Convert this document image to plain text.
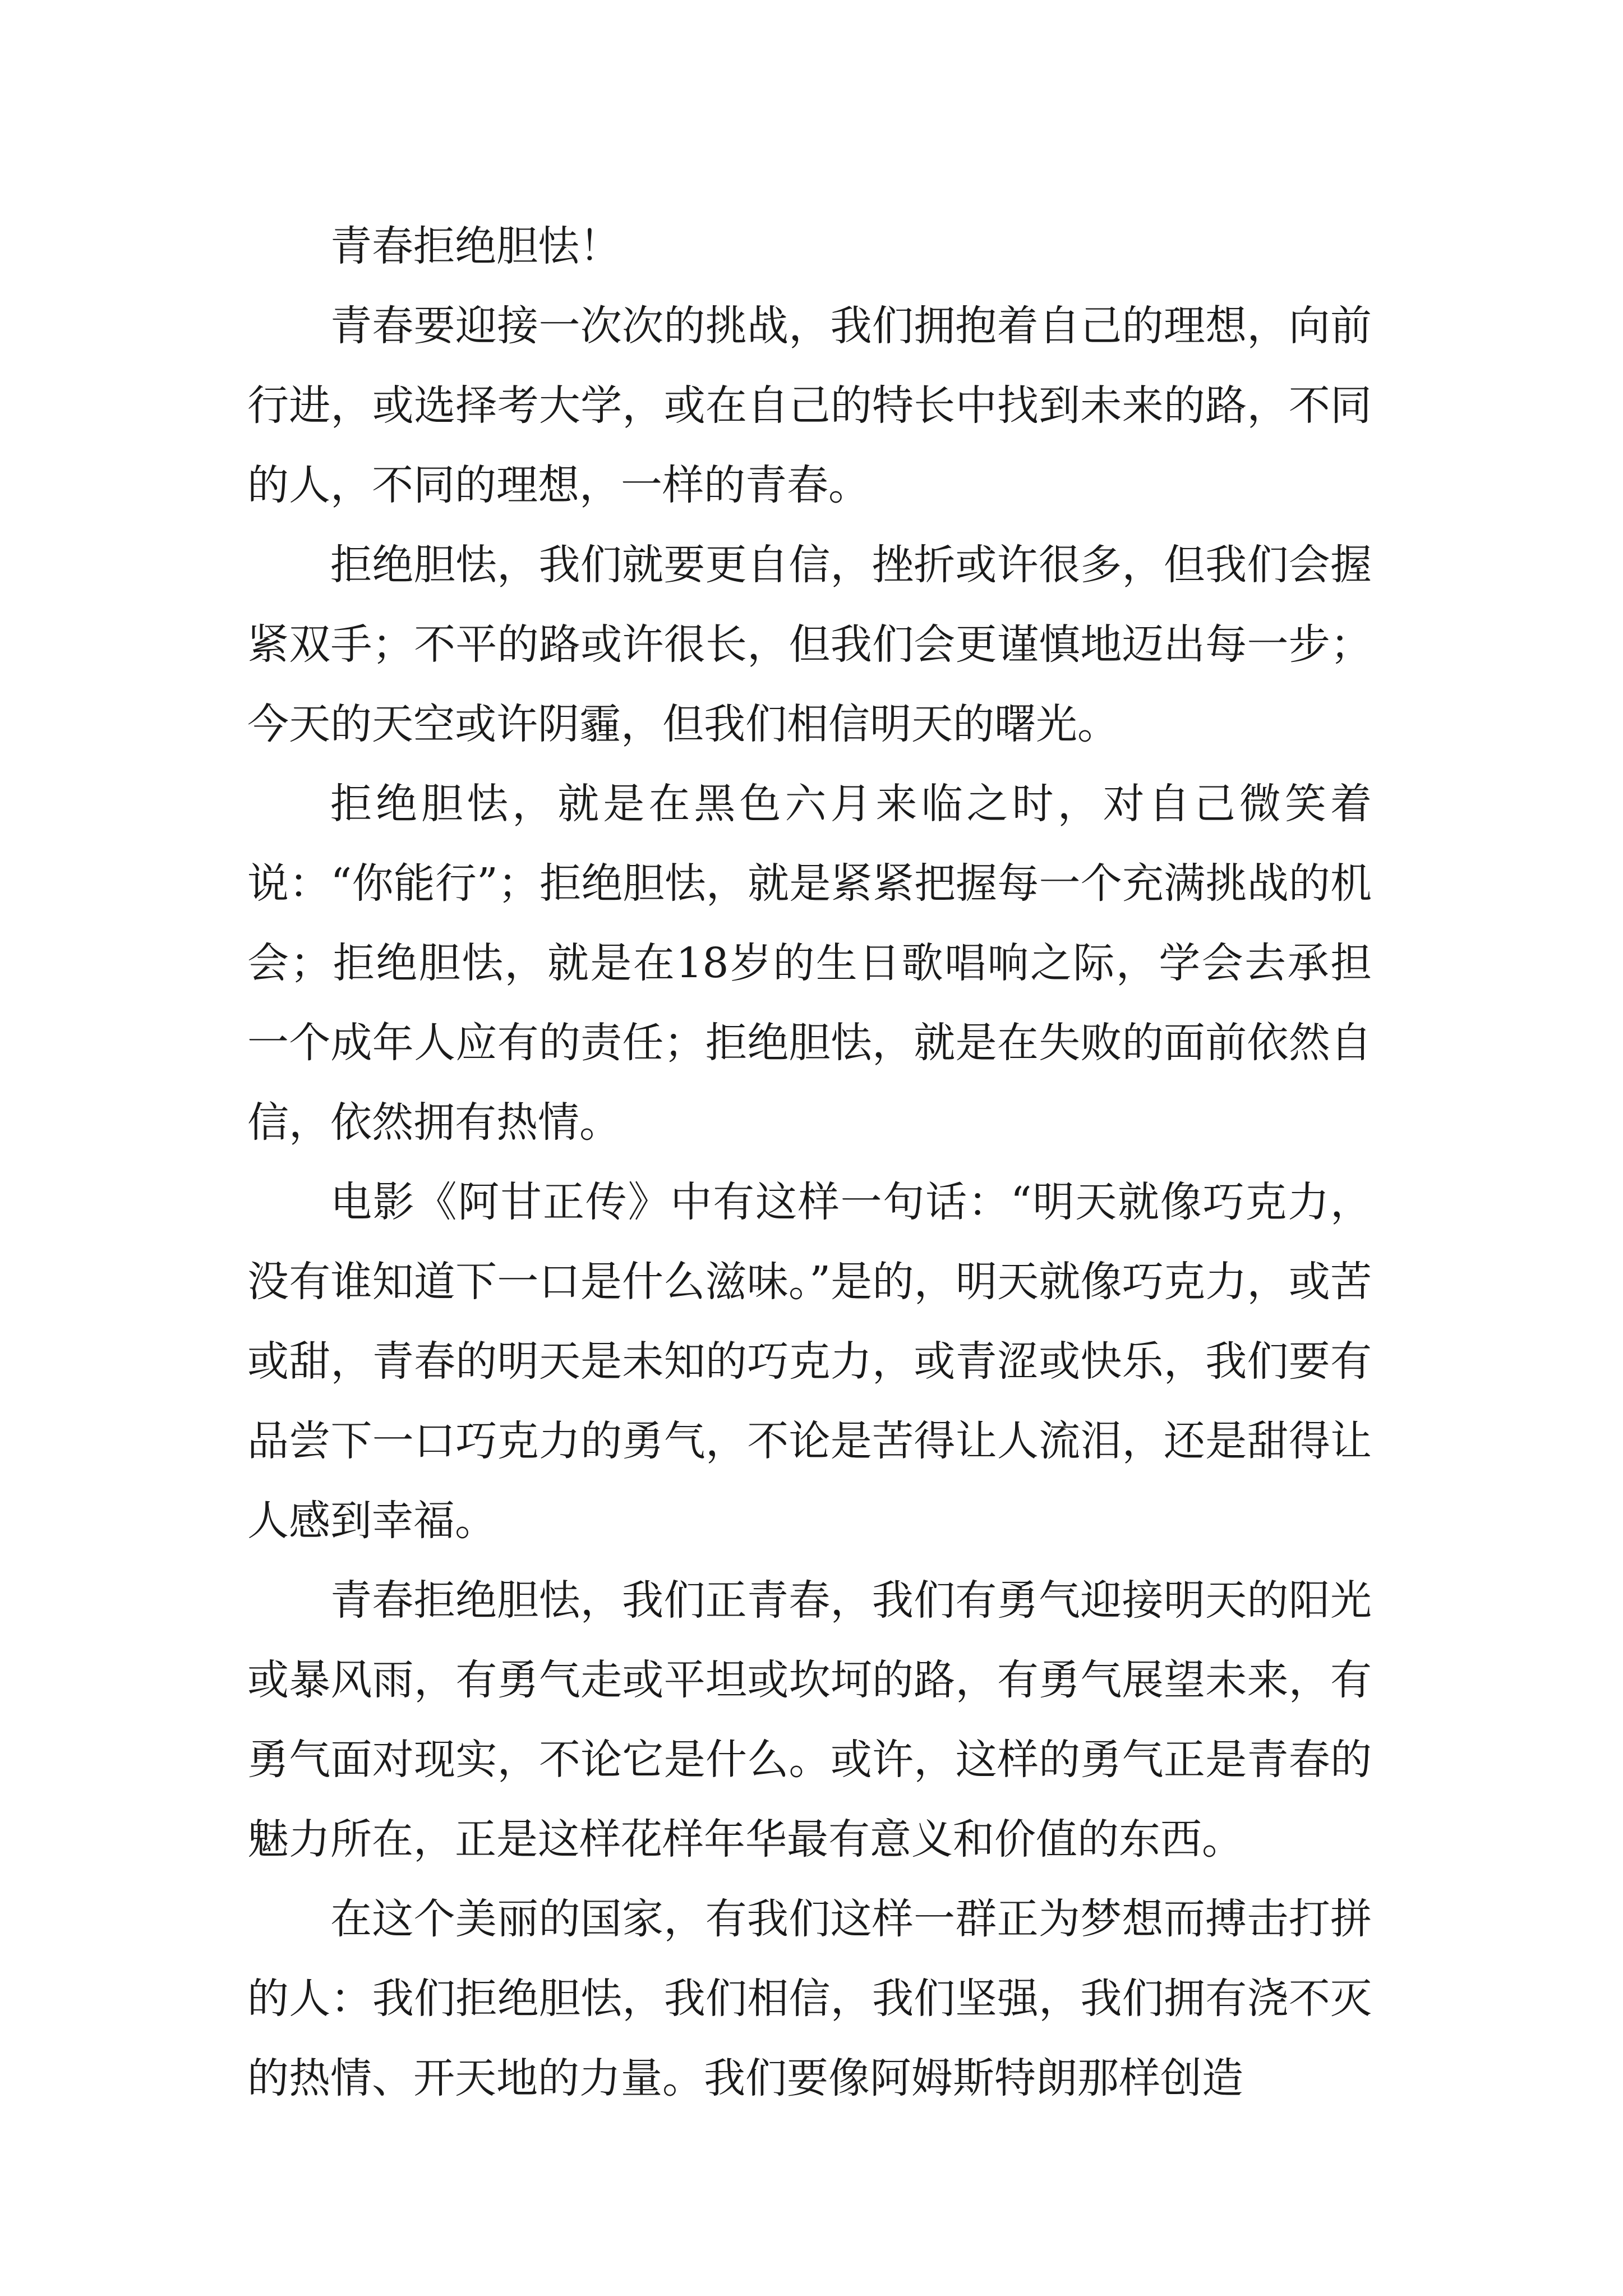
青春拒绝胆怯！

青春要迎接一次次的挑战，我们拥抱着自己的理想，向前行进，或选择考大学，或在自己的特长中找到未来的路，不同的人，不同的理想，一样的青春。

拒绝胆怯，我们就要更自信，挫折或许很多，但我们会握紧双手；不平的路或许很长，但我们会更谨慎地迈出每一步；今天的天空或许阴霾，但我们相信明天的曙光。

拒绝胆怯，就是在黑色六月来临之时，对自己微笑着说：“你能行”；拒绝胆怯，就是紧紧把握每一个充满挑战的机会；拒绝胆怯，就是在18岁的生日歌唱响之际，学会去承担一个成年人应有的责任；拒绝胆怯，就是在失败的面前依然自信，依然拥有热情。

电影《阿甘正传》中有这样一句话：“明天就像巧克力，没有谁知道下一口是什么滋味。”是的，明天就像巧克力，或苦或甜，青春的明天是未知的巧克力，或青涩或快乐，我们要有品尝下一口巧克力的勇气，不论是苦得让人流泪，还是甜得让人感到幸福。

青春拒绝胆怯，我们正青春，我们有勇气迎接明天的阳光或暴风雨，有勇气走或平坦或坎坷的路，有勇气展望未来，有勇气面对现实，不论它是什么。或许，这样的勇气正是青春的魅力所在，正是这样花样年华最有意义和价值的东西。

在这个美丽的国家，有我们这样一群正为梦想而搏击打拼的人：我们拒绝胆怯，我们相信，我们坚强，我们拥有浇不灭的热情、开天地的力量。我们要像阿姆斯特朗那样创造
